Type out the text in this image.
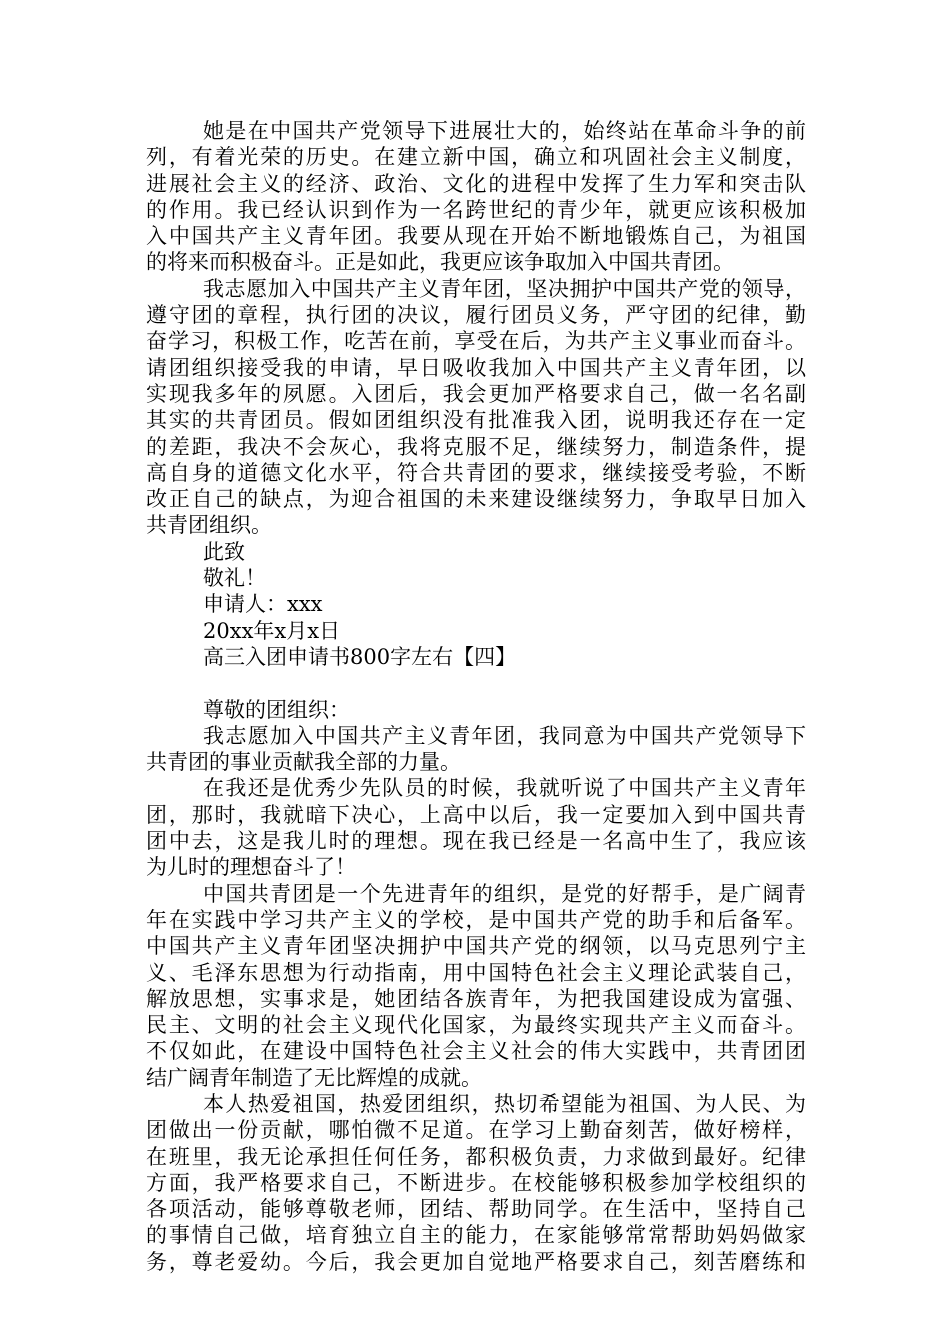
她是在中国共产党领导下进展壮大的，始终站在革命斗争的前
列，有着光荣的历史。在建立新中国，确立和巩固社会主义制度，
进展社会主义的经济、政治、文化的进程中发挥了生力军和突击队
的作用。我已经认识到作为一名跨世纪的青少年，就更应该积极加
入中国共产主义青年团。我要从现在开始不断地锻炼自己，为祖国
的将来而积极奋斗。正是如此，我更应该争取加入中国共青团。
我志愿加入中国共产主义青年团，坚决拥护中国共产党的领导，
遵守团的章程，执行团的决议，履行团员义务，严守团的纪律，勤
奋学习，积极工作，吃苦在前，享受在后，为共产主义事业而奋斗。
请团组织接受我的申请，早日吸收我加入中国共产主义青年团，以
实现我多年的夙愿。入团后，我会更加严格要求自己，做一名名副
其实的共青团员。假如团组织没有批准我入团，说明我还存在一定
的差距，我决不会灰心，我将克服不足，继续努力，制造条件，提
高自身的道德文化水平，符合共青团的要求，继续接受考验，不断
改正自己的缺点，为迎合祖国的未来建设继续努力，争取早日加入
共青团组织。
此致
敬礼！
申请人：xxx
20xx年x月x日
高三入团申请书800字左右【四】
尊敬的团组织：
我志愿加入中国共产主义青年团，我同意为中国共产党领导下
共青团的事业贡献我全部的力量。
在我还是优秀少先队员的时候，我就听说了中国共产主义青年
团，那时，我就暗下决心，上高中以后，我一定要加入到中国共青
团中去，这是我儿时的理想。现在我已经是一名高中生了，我应该
为儿时的理想奋斗了！
中国共青团是一个先进青年的组织，是党的好帮手，是广阔青
年在实践中学习共产主义的学校，是中国共产党的助手和后备军。
中国共产主义青年团坚决拥护中国共产党的纲领，以马克思列宁主
义、毛泽东思想为行动指南，用中国特色社会主义理论武装自己，
解放思想，实事求是，她团结各族青年，为把我国建设成为富强、
民主、文明的社会主义现代化国家，为最终实现共产主义而奋斗。
不仅如此，在建设中国特色社会主义社会的伟大实践中，共青团团
结广阔青年制造了无比辉煌的成就。
本人热爱祖国，热爱团组织，热切希望能为祖国、为人民、为
团做出一份贡献，哪怕微不足道。在学习上勤奋刻苦，做好榜样，
在班里，我无论承担任何任务，都积极负责，力求做到最好。纪律
方面，我严格要求自己，不断进步。在校能够积极参加学校组织的
各项活动，能够尊敬老师，团结、帮助同学。在生活中，坚持自己
的事情自己做，培育独立自主的能力，在家能够常常帮助妈妈做家
务，尊老爱幼。今后，我会更加自觉地严格要求自己，刻苦磨练和
